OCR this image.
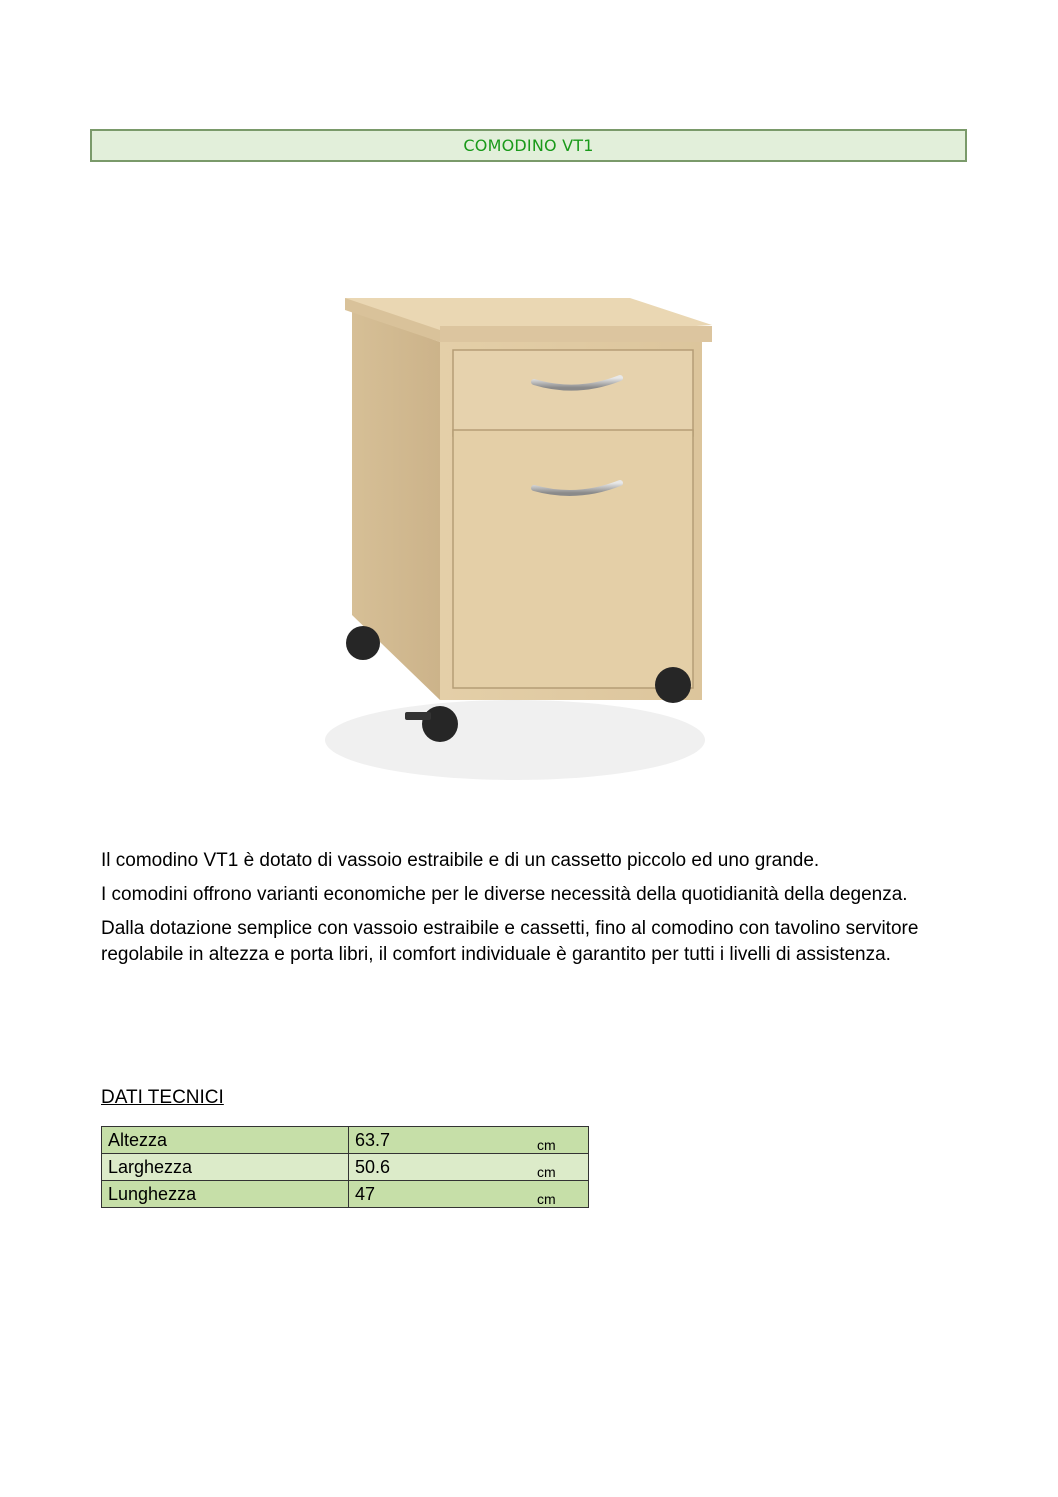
COMODINO VT1

Il comodino VT1 è dotato di vassoio estraibile e di un cassetto piccolo ed uno grande.

I comodini offrono varianti economiche per le diverse necessità della quotidianità della degenza.

Dalla dotazione semplice con vassoio estraibile e cassetti, fino al comodino con tavolino servitore regolabile in altezza e porta libri, il comfort individuale è garantito per tutti i livelli di assistenza.

DATI TECNICI
Altezza	63.7 cm

Larghezza	50.6 cm

Lunghezza	47 cm
